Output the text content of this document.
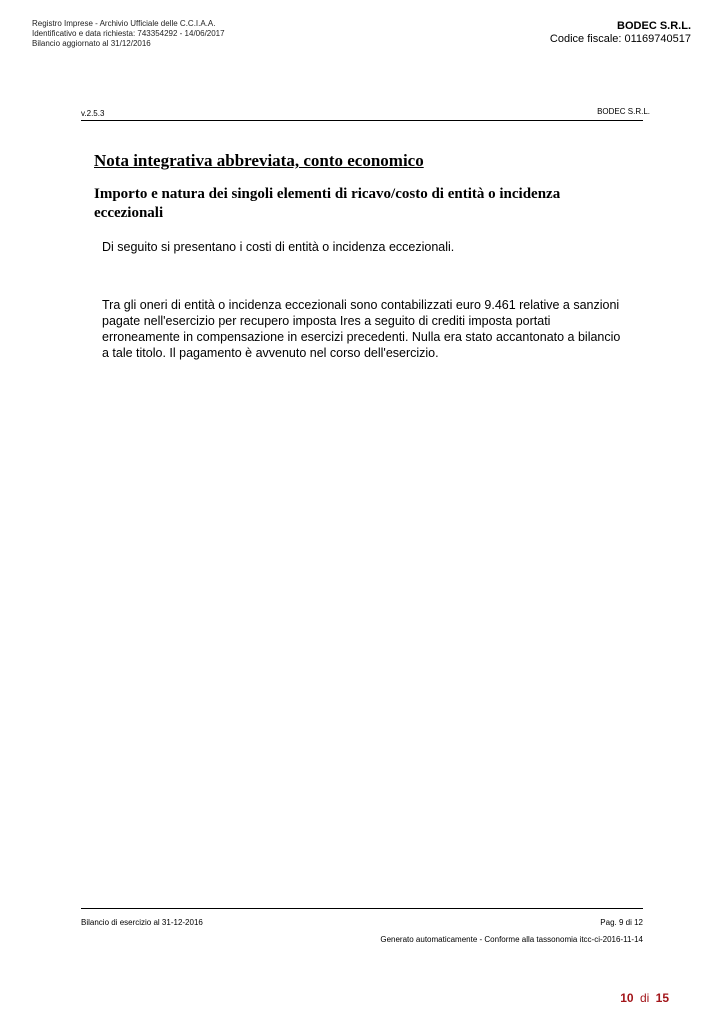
Registro Imprese - Archivio Ufficiale delle C.C.I.A.A.
Identificativo e data richiesta: 743354292 - 14/06/2017
Bilancio aggiornato al 31/12/2016
BODEC S.R.L.
Codice fiscale: 01169740517
v.2.5.3	BODEC S.R.L.
Nota integrativa abbreviata, conto economico
Importo e natura dei singoli elementi di ricavo/costo di entità o incidenza eccezionali
Di seguito si presentano i costi di entità o incidenza eccezionali.
Tra gli oneri di entità o incidenza eccezionali sono contabilizzati euro 9.461 relative a sanzioni pagate nell'esercizio per recupero imposta Ires a seguito di crediti imposta portati erroneamente in compensazione in esercizi precedenti. Nulla era stato accantonato a bilancio a tale titolo. Il pagamento è avvenuto nel corso dell'esercizio.
Bilancio di esercizio al 31-12-2016	Pag. 9 di 12
Generato automaticamente - Conforme alla tassonomia itcc-ci-2016-11-14
10 di 15
